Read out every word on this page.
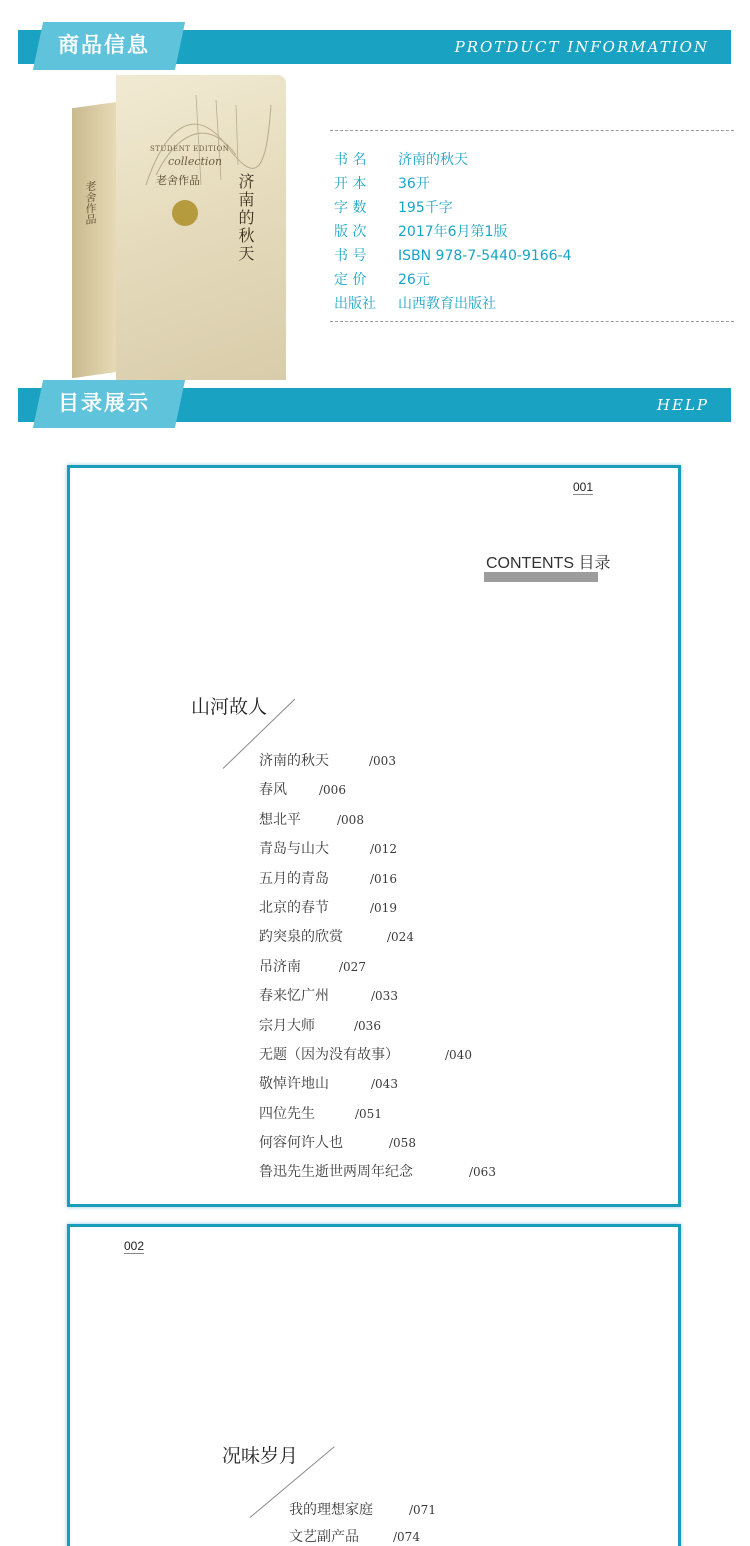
商品信息	PROTDUCT INFORMATION
老舍作品
STUDENT EDITION
collection
老舍作品 济南的秋天
书 名 济南的秋天
开 本 36开
字 数 195千字
版 次 2017年6月第1版
书 号 ISBN 978-7-5440-9166-4
定 价 26元
出版社 山西教育出版社
目录展示	HELP
001
CONTENTS 目录
山河故人
济南的秋天	/003
春风	/006
想北平	/008
青岛与山大	/012
五月的青岛	/016
北京的春节	/019
趵突泉的欣赏	/024
吊济南	/027
春来忆广州	/033
宗月大师	/036
无题（因为没有故事）	/040
敬悼许地山	/043
四位先生	/051
何容何许人也	/058
鲁迅先生逝世两周年纪念	/063
002
况味岁月
我的理想家庭	/071
文艺副产品	/074
